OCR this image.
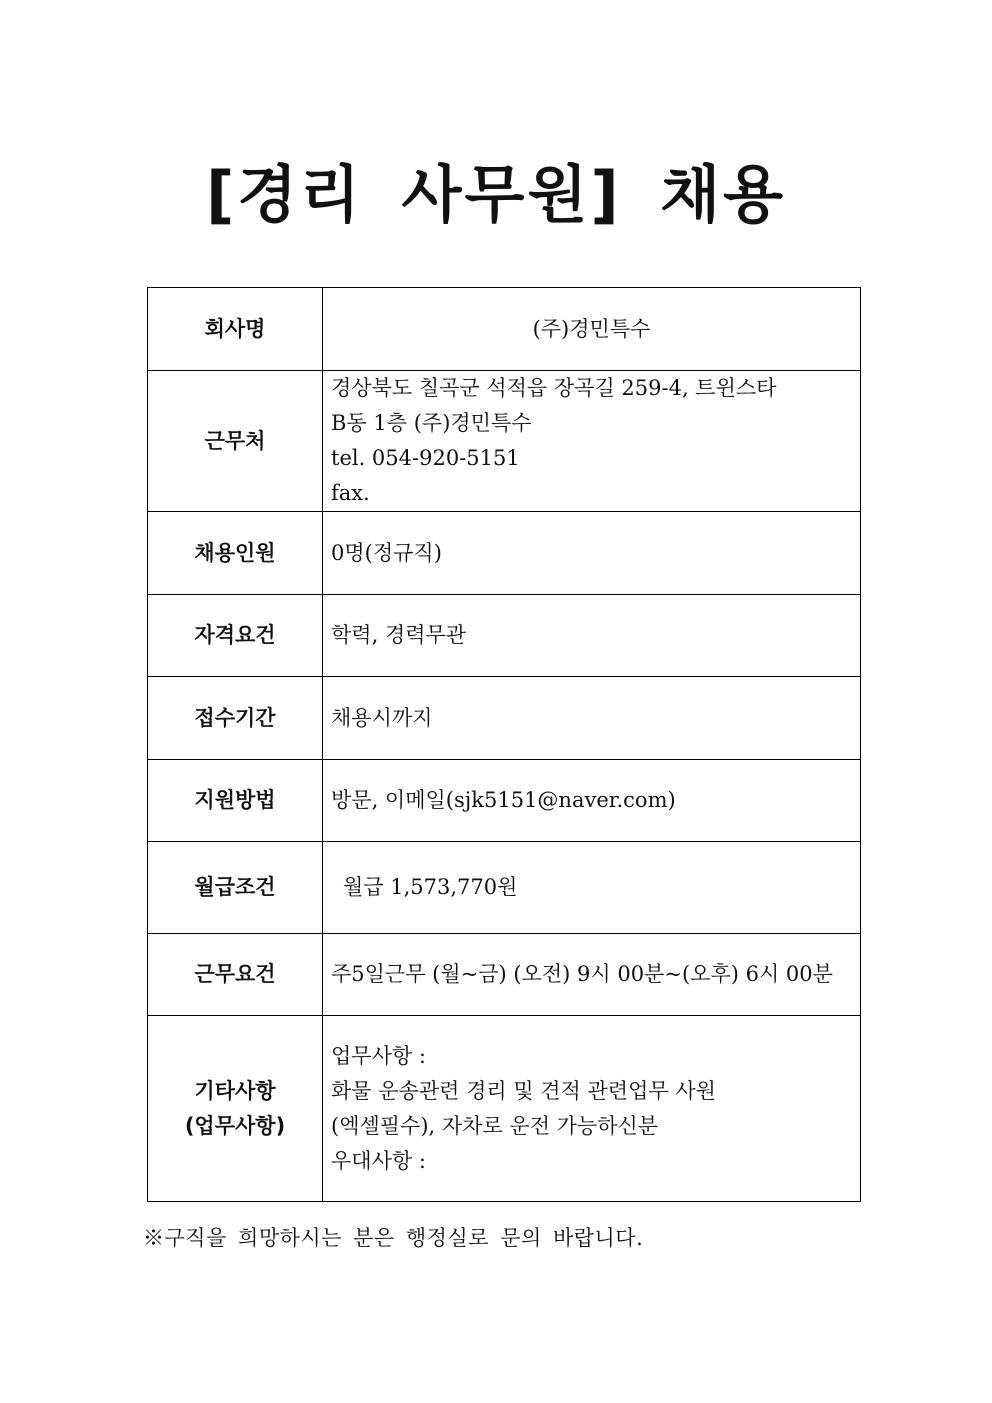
[경리 사무원] 채용
회사명	(주)경민특수

근무처	경상북도 칠곡군 석적읍 장곡길 259-4, 트윈스타
B동 1층 (주)경민특수
tel. 054-920-5151
fax.

채용인원	0명(정규직)

자격요건	학력, 경력무관

접수기간	채용시까지

지원방법	방문, 이메일(sjk5151@naver.com)

월급조건	월급 1,573,770원

근무요건	주5일근무 (월~금) (오전) 9시 00분~(오후) 6시 00분

기타사항
(업무사항)	업무사항 :
화물 운송관련 경리 및 견적 관련업무 사원
(엑셀필수), 자차로 운전 가능하신분
우대사항 :
※구직을 희망하시는 분은 행정실로 문의 바랍니다.
